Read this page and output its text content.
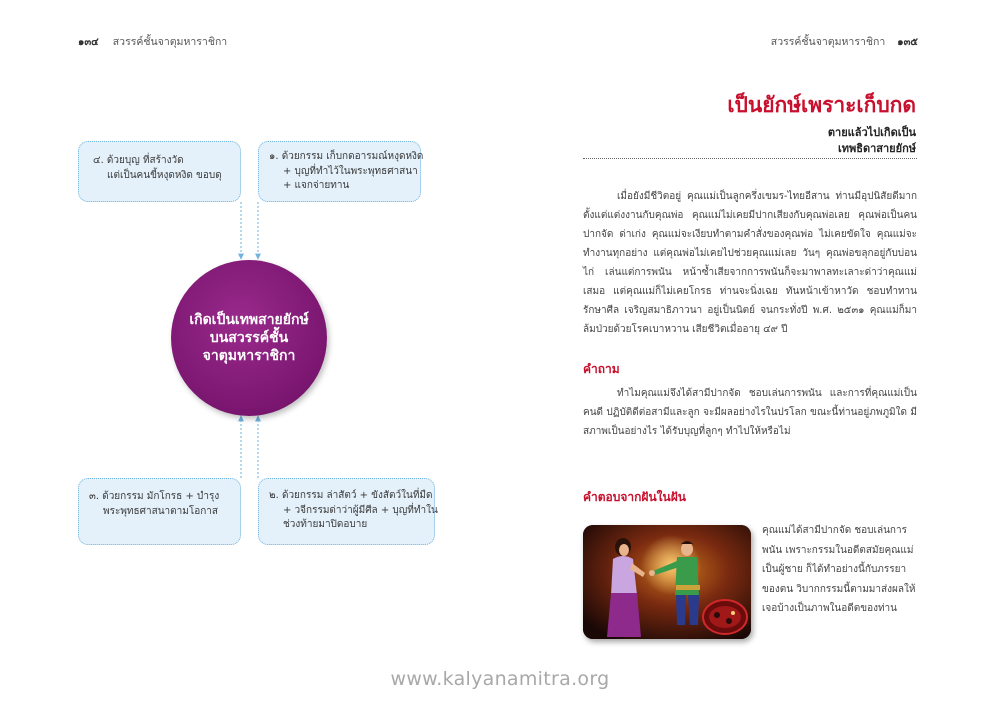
๑๓๔ สวรรค์ชั้นจาตุมหาราชิกา	สวรรค์ชั้นจาตุมหาราชิกา ๑๓๕

๔. ด้วยบุญ ที่สร้างวัด

แต่เป็นคนขี้หงุดหงิด ขอบดุ

๑. ด้วยกรรม เก็บกดอารมณ์หงุดหงิด

+ บุญที่ทำไว้ในพระพุทธศาสนา

+ แจกจ่ายทาน

๓. ด้วยกรรม มักโกรธ + บำรุง

พระพุทธศาสนาตามโอกาส

๒. ด้วยกรรม ล่าสัตว์ + ขังสัตว์ในที่มืด

+ วจีกรรมด่าว่าผู้มีศีล + บุญที่ทำใน

ช่วงท้ายมาปิดอบาย

เกิดเป็นเทพสายยักษ์
บนสวรรค์ชั้น
จาตุมหาราชิกา
เป็นยักษ์เพราะเก็บกด
ตายแล้วไปเกิดเป็น
เทพธิดาสายยักษ์

เมื่อยังมีชีวิตอยู่ คุณแม่เป็นลูกครึ่งเขมร-ไทยอีสาน ท่านมีอุปนิสัยดีมาก ตั้งแต่แต่งงานกับคุณพ่อ คุณแม่ไม่เคยมีปากเสียงกับคุณพ่อเลย คุณพ่อเป็นคนปากจัด ด่าเก่ง คุณแม่จะเงียบทำตามคำสั่งของคุณพ่อ ไม่เคยขัดใจ คุณแม่จะทำงานทุกอย่าง แต่คุณพ่อไม่เคยไปช่วยคุณแม่เลย วันๆ คุณพ่อขลุกอยู่กับบ่อนไก่ เล่นแต่การพนัน หน้าซ้ำเสียจากการพนันก็จะมาพาลทะเลาะด่าว่าคุณแม่เสมอ แต่คุณแม่ก็ไม่เคยโกรธ ท่านจะนิ่งเฉย ทันหน้าเข้าหาวัด ชอบทำทาน รักษาศีล เจริญสมาธิภาวนา อยู่เป็นนิตย์ จนกระทั่งปี พ.ศ. ๒๕๓๑ คุณแม่ก็มาล้มป่วยด้วยโรคเบาหวาน เสียชีวิตเมื่ออายุ ๔๙ ปี

คำถาม

ทำไมคุณแม่จึงได้สามีปากจัด ชอบเล่นการพนัน และการที่คุณแม่เป็นคนดี ปฏิบัติดีต่อสามีและลูก จะมีผลอย่างไรในปรโลก ขณะนี้ท่านอยู่ภพภูมิใด มีสภาพเป็นอย่างไร ได้รับบุญที่ลูกๆ ทำไปให้หรือไม่

คำตอบจากฝันในฝัน

คุณแม่ได้สามีปากจัด ชอบเล่นการพนัน เพราะกรรมในอดีตสมัยคุณแม่เป็นผู้ชาย ก็ได้ทำอย่างนี้กับภรรยาของตน วิบากกรรมนี้ตามมาส่งผลให้เจอบ้างเป็นภาพในอดีตของท่าน

www.kalyanamitra.org
